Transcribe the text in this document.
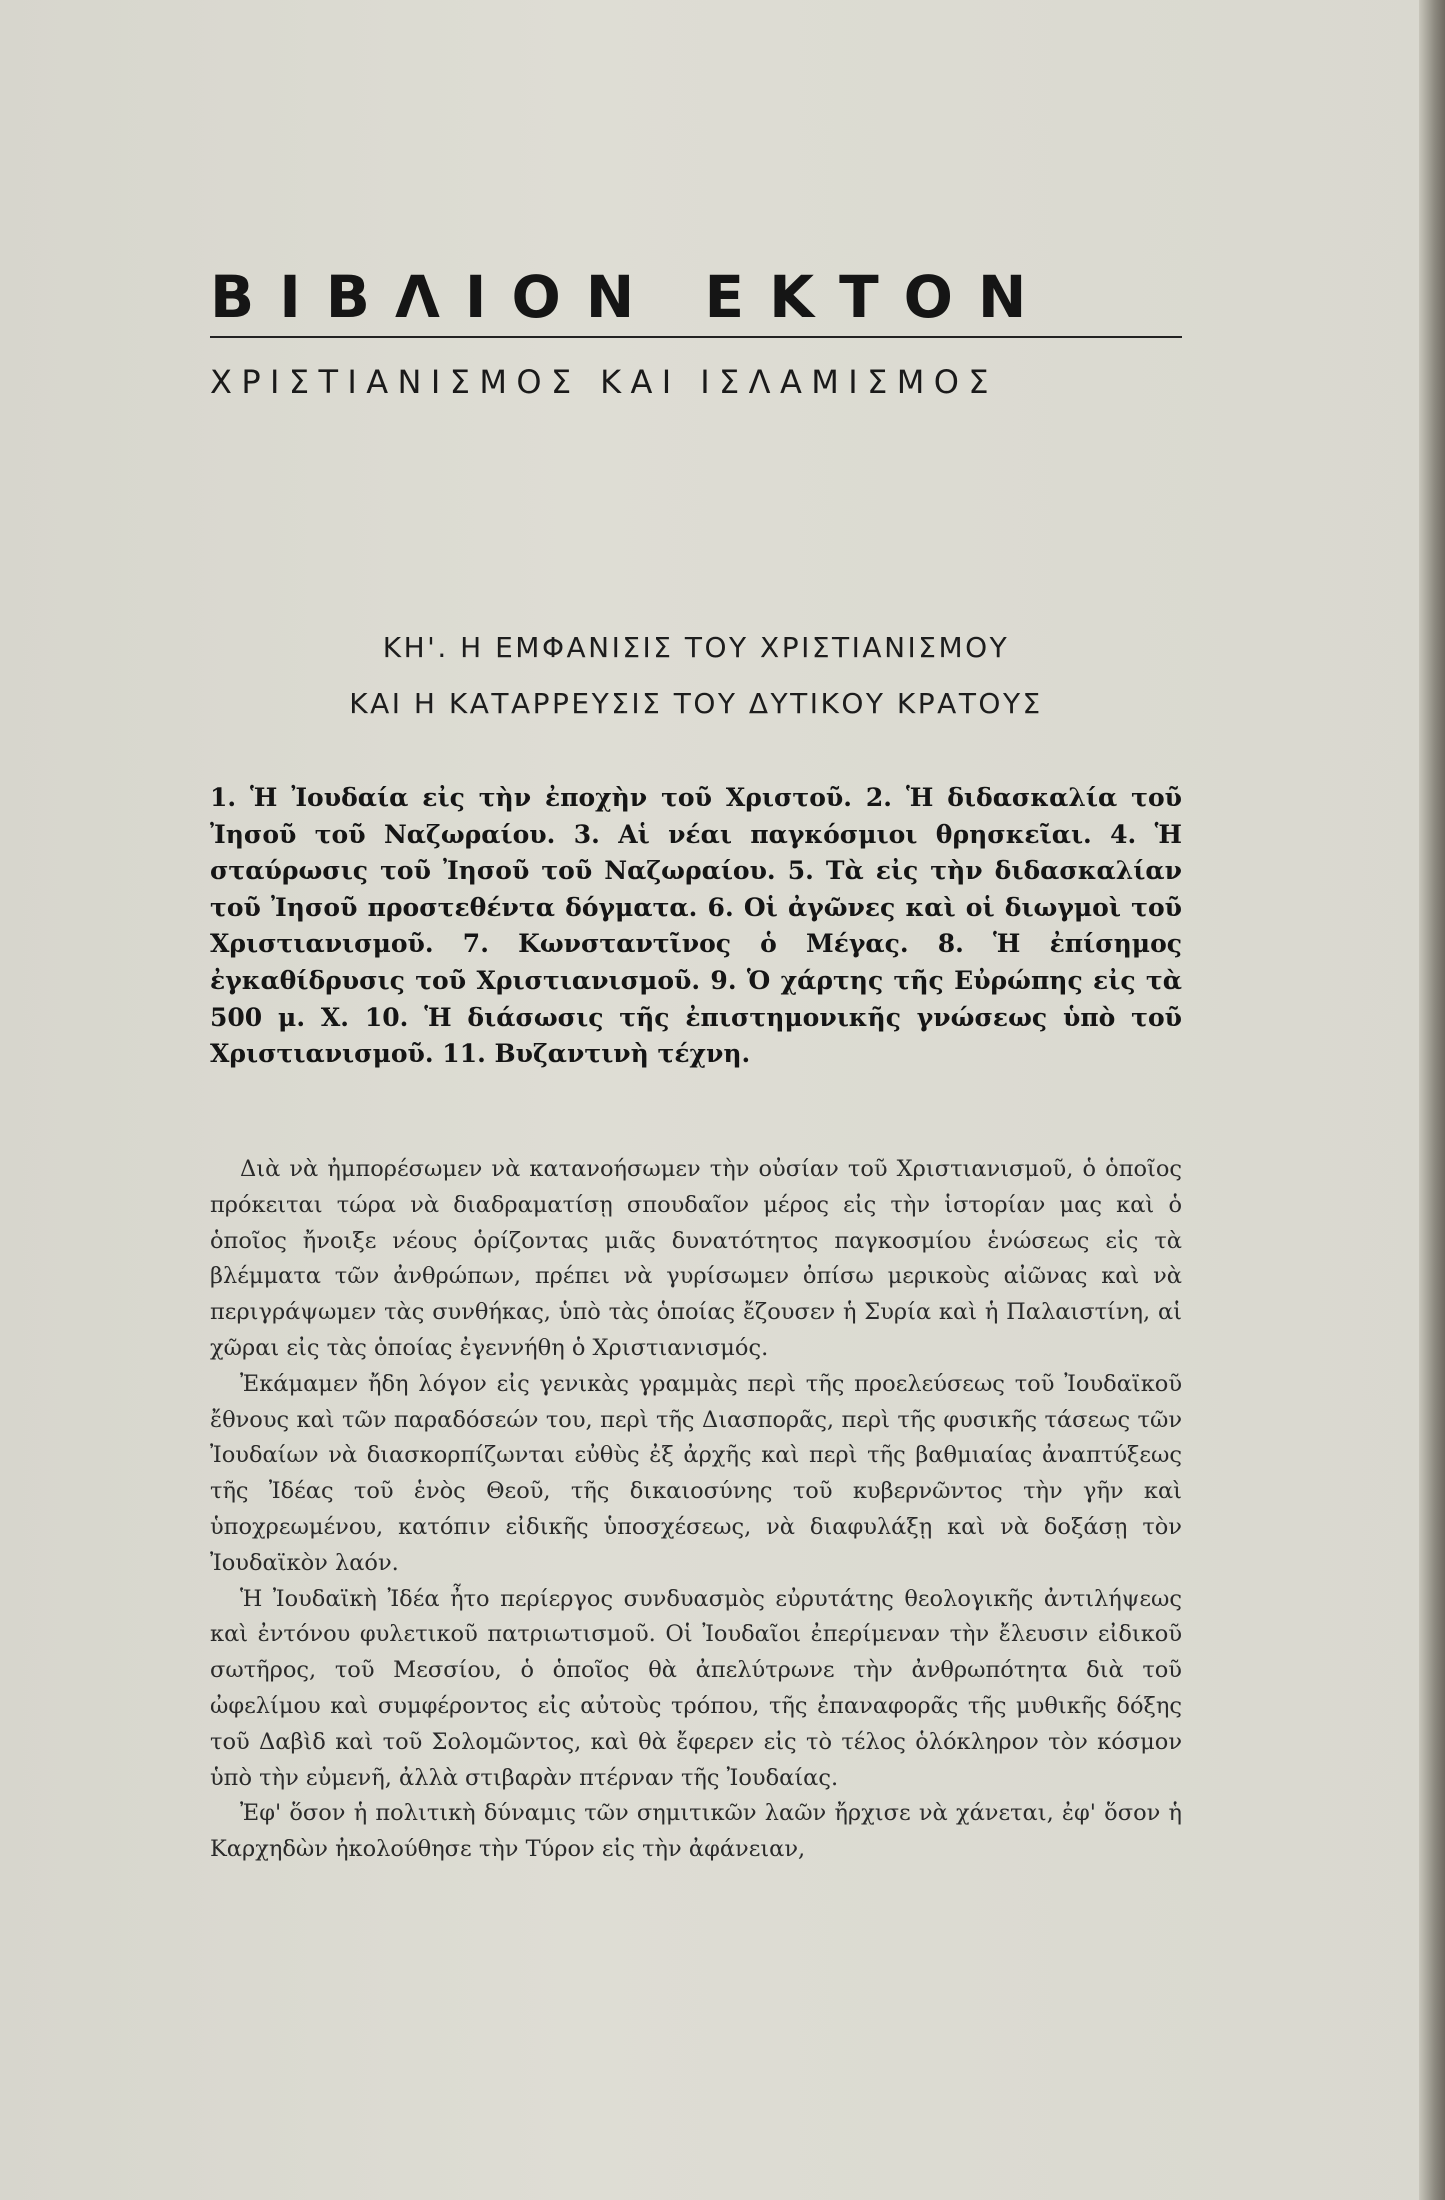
ΒΙΒΛΙΟΝ ΕΚΤΟΝ
ΧΡΙΣΤΙΑΝΙΣΜΟΣ ΚΑΙ ΙΣΛΑΜΙΣΜΟΣ
ΚΗ'. Η ΕΜΦΑΝΙΣΙΣ ΤΟΥ ΧΡΙΣΤΙΑΝΙΣΜΟΥ
ΚΑΙ Η ΚΑΤΑΡΡΕΥΣΙΣ ΤΟΥ ΔΥΤΙΚΟΥ ΚΡΑΤΟΥΣ
1. Ἡ Ἰουδαία εἰς τὴν ἐποχὴν τοῦ Χριστοῦ. 2. Ἡ διδασκαλία τοῦ Ἰησοῦ τοῦ Ναζωραίου. 3. Αἱ νέαι παγκόσμιοι θρησκεῖαι. 4. Ἡ σταύρωσις τοῦ Ἰησοῦ τοῦ Ναζωραίου. 5. Τὰ εἰς τὴν διδασκαλίαν τοῦ Ἰησοῦ προστεθέντα δόγματα. 6. Οἱ ἀγῶνες καὶ οἱ διωγμοὶ τοῦ Χριστιανισμοῦ. 7. Κωνσταντῖνος ὁ Μέγας. 8. Ἡ ἐπίσημος ἐγκαθίδρυσις τοῦ Χριστιανισμοῦ. 9. Ὁ χάρτης τῆς Εὐρώπης εἰς τὰ 500 μ. Χ. 10. Ἡ διάσωσις τῆς ἐπιστημονικῆς γνώσεως ὑπὸ τοῦ Χριστιανισμοῦ. 11. Βυζαντινὴ τέχνη.

Διὰ νὰ ἠμπορέσωμεν νὰ κατανοήσωμεν τὴν οὐσίαν τοῦ Χριστιανισμοῦ, ὁ ὁποῖος πρόκειται τώρα νὰ διαδραματίσῃ σπουδαῖον μέρος εἰς τὴν ἱστορίαν μας καὶ ὁ ὁποῖος ἤνοιξε νέους ὁρίζοντας μιᾶς δυνατότητος παγκοσμίου ἑνώσεως εἰς τὰ βλέμματα τῶν ἀνθρώπων, πρέπει νὰ γυρίσωμεν ὀπίσω μερικοὺς αἰῶνας καὶ νὰ περιγράψωμεν τὰς συνθήκας, ὑπὸ τὰς ὁποίας ἔζουσεν ἡ Συρία καὶ ἡ Παλαιστίνη, αἱ χῶραι εἰς τὰς ὁποίας ἐγεννήθη ὁ Χριστιανισμός.

Ἐκάμαμεν ἤδη λόγον εἰς γενικὰς γραμμὰς περὶ τῆς προελεύσεως τοῦ Ἰουδαϊκοῦ ἔθνους καὶ τῶν παραδόσεών του, περὶ τῆς Διασπορᾶς, περὶ τῆς φυσικῆς τάσεως τῶν Ἰουδαίων νὰ διασκορπίζωνται εὐθὺς ἐξ ἀρχῆς καὶ περὶ τῆς βαθμιαίας ἀναπτύξεως τῆς Ἰδέας τοῦ ἑνὸς Θεοῦ, τῆς δικαιοσύνης τοῦ κυβερνῶντος τὴν γῆν καὶ ὑποχρεωμένου, κατόπιν εἰδικῆς ὑποσχέσεως, νὰ διαφυλάξῃ καὶ νὰ δοξάσῃ τὸν Ἰουδαϊκὸν λαόν.

Ἡ Ἰουδαϊκὴ Ἰδέα ἦτο περίεργος συνδυασμὸς εὐρυτάτης θεολογικῆς ἀντιλήψεως καὶ ἐντόνου φυλετικοῦ πατριωτισμοῦ. Οἱ Ἰουδαῖοι ἐπερίμεναν τὴν ἔλευσιν εἰδικοῦ σωτῆρος, τοῦ Μεσσίου, ὁ ὁποῖος θὰ ἀπελύτρωνε τὴν ἀνθρωπότητα διὰ τοῦ ὠφελίμου καὶ συμφέροντος εἰς αὐτοὺς τρόπου, τῆς ἐπαναφορᾶς τῆς μυθικῆς δόξης τοῦ Δαβὶδ καὶ τοῦ Σολομῶντος, καὶ θὰ ἔφερεν εἰς τὸ τέλος ὁλόκληρον τὸν κόσμον ὑπὸ τὴν εὐμενῆ, ἀλλὰ στιβαρὰν πτέρναν τῆς Ἰουδαίας.

Ἐφ' ὅσον ἡ πολιτικὴ δύναμις τῶν σημιτικῶν λαῶν ἤρχισε νὰ χάνεται, ἐφ' ὅσον ἡ Καρχηδὼν ἠκολούθησε τὴν Τύρον εἰς τὴν ἀφάνειαν,
